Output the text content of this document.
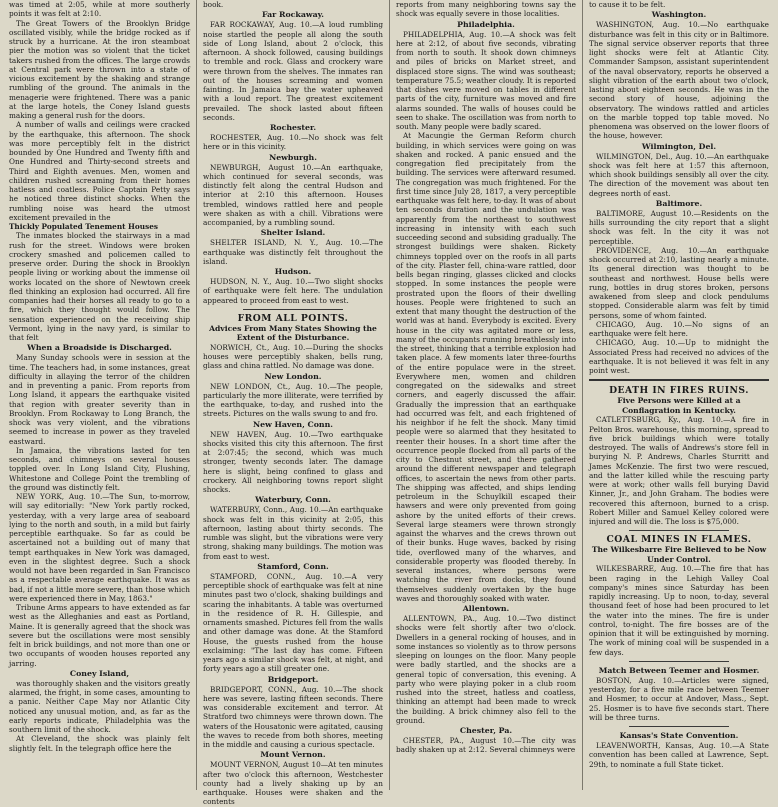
was timed at 2:05, while at more southerly points it was felt at 2:10.

The Great Towers of the Brooklyn Bridge oscillated visibly, while the bridge rocked as if struck by a hurricane. At the iron steamboat pier the motion was so violent that the ticket takers rushed from the offices. The large crowds at Central park were thrown into a state of vicious excitement by the shaking and strange rumbling of the ground. The animals in the menagerie were frightened. There was a panic at the large hotels, the Coney Island guests making a general rush for the doors.

A number of walls and ceilings were cracked by the earthquake, this afternoon. The shock was more perceptibly felt in the district bounded by One Hundred and Twenty fifth and One Hundred and Thirty-second streets and Third and Eighth avenues. Men, women and children rushed screaming from their homes hatless and coatless. Police Captain Petty says he noticed three distinct shocks. When the rumbling noise was heard the utmost excitement prevailed in the

Thickly Populated Tenement Houses

The inmates blocked the stairways in a mad rush for the street. Windows were broken crockery smashed and policemen called to preserve order. During the shock in Brooklyn people living or working about the immense oil works located on the shore of Newtown creek fled thinking an explosion had occurred. All fire companies had their horses all ready to go to a fire, which they thought would follow. The sensation experienced on the receiving ship Vermont, lying in the navy yard, is similar to that felt

When a Broadside is Discharged.

Many Sunday schools were in session at the time. The teachers had, in some instances, great difficulty in allaying the terror of the children and in preventing a panic. From reports from Long Island, it appears the earthquake visited that region with greater severity than in Brooklyn. From Rockaway to Long Branch, the shock was very violent, and the vibrations seemed to increase in power as they traveled eastward.

In Jamaica, the vibrations lasted for ten seconds, and chimneys on several houses toppled over. In Long Island City, Flushing, Whitestone and College Point the trembling of the ground was distinctly felt.

NEW YORK, Aug. 10.—The Sun, to-morrow, will say editorially: "New York partly rocked, yesterday, with a very large area of seaboard lying to the north and south, in a mild but fairly perceptible earthquake. So far as could be ascertained not a building out of many that tempt earthquakes in New York was damaged, even in the slightest degree. Such a shock would not have been regarded in San Francisco as a respectable average earthquake. It was as bad, if not a little more severe, than those which were experienced there in May, 1863."

Tribune Arms appears to have extended as far west as the Alleghanies and east as Portland, Maine. It is generally agreed that the shock was severe but the oscillations were most sensibly felt in brick buildings, and not more than one or two occupants of wooden houses reported any jarring.

Coney Island,

was thoroughly shaken and the visitors greatly alarmed, the fright, in some cases, amounting to a panic. Neither Cape May nor Atlantic City noticed any unusual motion, and, as far as the early reports indicate, Philadelphia was the southern limit of the shock.

At Cleveland, the shock was plainly felt slightly felt. In the telegraph office here the

book.

Far Rockaway.

FAR ROCKAWAY, Aug. 10.—A loud rumbling noise startled the people all along the south side of Long Island, about 2 o'clock, this afternoon. A shock followed, causing buildings to tremble and rock. Glass and crockery ware were thrown from the shelves. The inmates ran out of the houses screaming and women fainting. In Jamaica bay the water upheaved with a loud report. The greatest excitement prevailed. The shock lasted about fifteen seconds.

Rochester.

ROCHESTER, Aug. 10.—No shock was felt here or in this vicinity.

Newburgh.

NEWBURGH, August 10.—An earthquake, which continued for several seconds, was distinctly felt along the central Hudson and interior at 2:10 this afternoon. Houses trembled, windows rattled here and people were shaken as with a chill. Vibrations were accompanied, by a rumbling sound.

Shelter Island.

SHELTER ISLAND, N. Y., Aug. 10.—The earthquake was distinctly felt throughout the island.

Hudson.

HUDSON, N. Y., Aug. 10.—Two slight shocks of earthquake were felt here. The undulation appeared to proceed from east to west.

FROM ALL POINTS.
Advices From Many States Showing the
Extent of the Disturbance.

NORWICH, Ct., Aug. 10.—During the shocks houses were perceptibly shaken, bells rung, glass and china rattled. No damage was done.

New London.

NEW LONDON, Ct., Aug. 10.—The people, particularly the more illiterate, were terrified by the earthquake, to-day, and rushed into the streets. Pictures on the walls swung to and fro.

New Haven, Conn.

NEW HAVEN, Aug. 10.—Two earthquake shocks visited this city this afternoon. The first at 2:07:45; the second, which was much stronger, twenty seconds later. The damage here is slight, being confined to glass and crockery. All neighboring towns report slight shocks.

Waterbury, Conn.

WATERBURY, Conn., Aug. 10.—An earthquake shock was felt in this vicinity at 2:05, this afternoon, lasting about thirty seconds. The rumble was slight, but the vibrations were very strong, shaking many buildings. The motion was from east to west.

Stamford, Conn.

STAMFORD, CONN., Aug. 10.—A very perceptible shock of earthquake was felt at nine minutes past two o'clock, shaking buildings and scaring the inhabitants. A table was overturned in the residence of R. H. Gillespie, and ornaments smashed. Pictures fell from the walls and other damage was done. At the Stamford House, the guests rushed from the house exclaiming: "The last day has come. Fifteen years ago a similar shock was felt, at night, and forty years ago a still greater one.

Bridgeport.

BRIDGEPORT, CONN., Aug. 10.—The shock here was severe, lasting fifteen seconds. There was considerable excitement and terror. At Stratford two chimneys were thrown down. The waters of the Housatonic were agitated, causing the waves to recede from both shores, meeting in the middle and causing a curious spectacle.

Mount Vernon.

MOUNT VERNON, August 10—At ten minutes after two o'clock this afternoon, Westchester county had a lively shaking up by an earthquake. Houses were shaken and the contents

reports from many neighboring towns say the shock was equally severe in those localities.

Philadelphia.

PHILADELPHIA, Aug. 10.—A shock was felt here at 2:12, of about five seconds, vibrating from north to south. It shook down chimneys and piles of bricks on Market street, and displaced store signs. The wind was southeast; temperature 75.5; weather cloudy. It is reported that dishes were moved on tables in different parts of the city, furniture was moved and fire alarms sounded. The walls of houses could be seen to shake. The oscillation was from north to south. Many people were badly scared.

At Macungie the German Reform church building, in which services were going on was shaken and rocked. A panic ensued and the congregation fled precipitately from the building. The services were afterward resumed. The congregation was much frightened. For the first time since July 28, 1817, a very perceptible earthquake was felt here, to-day. It was of about ten seconds duration and the undulation was apparently from the northeast to southwest increasing in intensity with each such succeeding second and subsiding gradually. The strongest buildings were shaken. Rickety chimneys toppled over on the roofs in all parts of the city. Plaster fell, china-ware rattled, door bells began ringing, glasses clicked and clocks stopped. In some instances the people were prostrated upon the floors of their dwelling houses. People were frightened to such an extent that many thought the destruction of the world was at hand. Everybody is excited. Every house in the city was agitated more or less, many of the occupants running breathlessly into the street, thinking that a terrible explosion had taken place. A few moments later three-fourths of the entire populace were in the street. Everywhere men, women and children congregated on the sidewalks and street corners, and eagerly discussed the affair. Gradually the impression that an earthquake had occurred was felt, and each frightened of his neighbor if he felt the shock. Many timid people were so alarmed that they hesitated to reenter their houses. In a short time after the occurrence people flocked from all parts of the city to Chestnut street, and there gathered around the different newspaper and telegraph offices, to ascertain the news from other parts. The shipping was affected, and ships lending petroleum in the Schuylkill escaped their hawsers and were only prevented from going ashore by the united efforts of their crews. Several large steamers were thrown strongly against the wharves and the crews thrown out of their bunks. Huge waves, backed by rising tide, overflowed many of the wharves, and considerable property was flooded thereby. In several instances, where persons were watching the river from docks, they found themselves suddenly overtaken by the huge waves and thoroughly soaked with water.

Allentown.

ALLENTOWN, PA., Aug. 10.—Two distinct shocks were felt shortly after two o'clock. Dwellers in a general rocking of houses, and in some instances so violently as to throw persons sleeping on lounges on the floor. Many people were badly startled, and the shocks are a general topic of conversation, this evening. A party who were playing poker in a club room rushed into the street, hatless and coatless, thinking an attempt had been made to wreck the building. A brick chimney also fell to the ground.

Chester, Pa.

CHESTER, PA., August 10.—The city was badly shaken up at 2:12. Several chimneys were

to cause it to be felt.

Washington.

WASHINGTON, Aug. 10.—No earthquake disturbance was felt in this city or in Baltimore. The signal service observer reports that three light shocks were felt at Atlantic City. Commander Sampson, assistant superintendent of the naval observatory, reports he observed a slight vibration of the earth about two o'clock, lasting about eighteen seconds. He was in the second story of house, adjoining the observatory. The windows rattled and articles on the marble topped top table moved. No phenomena was observed on the lower floors of the house, however.

Wilmington, Del.

WILMINGTON, Del., Aug. 10.—An earthquake shock was felt here at 1:57 this afternoon, which shook buildings sensibly all over the city. The direction of the movement was about ten degrees north of east.

Baltimore.

BALTIMORE, August 10.—Residents on the hills surrounding the city report that a slight shock was felt. In the city it was not perceptible.

PROVIDENCE, Aug. 10.—An earthquake shock occurred at 2:10, lasting nearly a minute. Its general direction was thought to be southeast and northwest. House bells were rung, bottles in drug stores broken, persons awakened from sleep and clock pendulums stopped. Considerable alarm was felt by timid persons, some of whom fainted.

CHICAGO, Aug. 10.—No signs of an earthquake were felt here.

CHICAGO, Aug. 10.—Up to midnight the Associated Press had received no advices of the earthquake. It is not believed it was felt in any point west.

DEATH IN FIRES RUINS.
Five Persons were Killed at a Conflagration in Kentucky.

CATLETTSBURG, Ky., Aug. 10.—A fire in Pelton Bros. warehouse, this morning, spread to five brick buildings which were totally destroyed. The walls of Andrews's store fell in burying N. P. Andrews, Charles Sturritt and James McKenzie. The first two were rescued, and the latter killed while the rescuing party were at work; other walls fell burying David Kinner, Jr., and John Graham. The bodies were recovered this afternoon, burned to a crisp. Robert Miller and Samuel Kelley colored were injured and will die. The loss is $75,000.

COAL MINES IN FLAMES.
The Wilkesbarre Fire Believed to be Now Under Control.

WILKESBARRE, Aug. 10.—The fire that has been raging in the Lehigh Valley Coal company's mines since Saturday has been rapidly increasing. Up to noon, to-day, several thousand feet of hose had been procured to let the water into the mines. The fire is under control, to-night. The fire bosses are of the opinion that it will be extinguished by morning. The work of mining coal will be suspended in a few days.

Match Between Teemer and Hosmer.

BOSTON, Aug. 10.—Articles were signed, yesterday, for a five mile race between Teemer and Hosmer, to occur at Andover, Mass., Sept. 25. Hosmer is to have five seconds start. There will be three turns.

Kansas's State Convention.

LEAVENWORTH, Kansas, Aug. 10.—A State convention has been called at Lawrence, Sept. 29th, to nominate a full State ticket.
